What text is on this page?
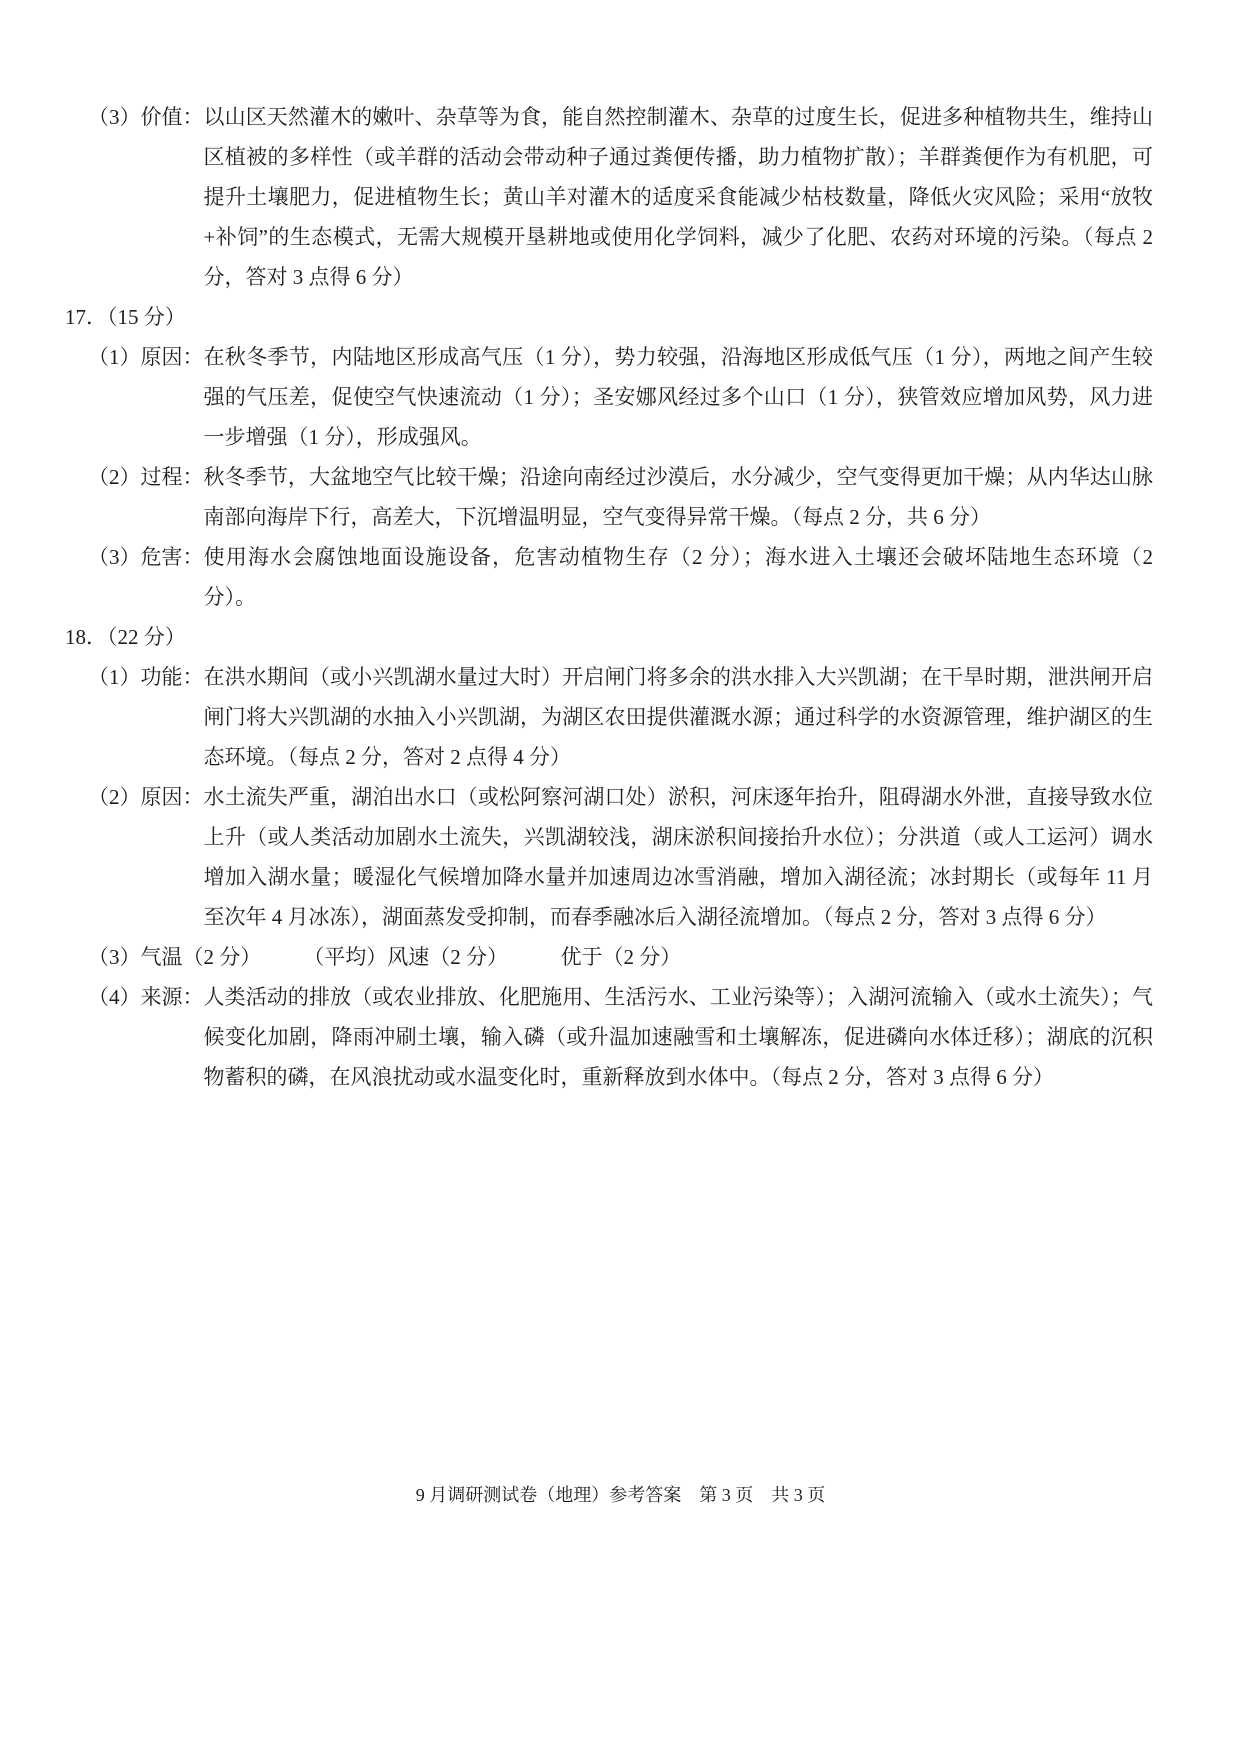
（3）价值： 以山区天然灌木的嫩叶、杂草等为食，能自然控制灌木、杂草的过度生长，促进多种植物共生，维持山区植被的多样性（或羊群的活动会带动种子通过粪便传播，助力植物扩散）；羊群粪便作为有机肥，可提升土壤肥力，促进植物生长；黄山羊对灌木的适度采食能减少枯枝数量，降低火灾风险；采用“放牧+补饲”的生态模式，无需大规模开垦耕地或使用化学饲料，减少了化肥、农药对环境的污染。（每点 2 分，答对 3 点得 6 分）
17．（15 分）
（1）原因： 在秋冬季节，内陆地区形成高气压（1 分），势力较强，沿海地区形成低气压（1 分），两地之间产生较强的气压差，促使空气快速流动（1 分）；圣安娜风经过多个山口（1 分），狭管效应增加风势，风力进一步增强（1 分），形成强风。
（2）过程： 秋冬季节，大盆地空气比较干燥；沿途向南经过沙漠后，水分减少，空气变得更加干燥；从内华达山脉南部向海岸下行，高差大，下沉增温明显，空气变得异常干燥。（每点 2 分，共 6 分）
（3）危害： 使用海水会腐蚀地面设施设备，危害动植物生存（2 分）；海水进入土壤还会破坏陆地生态环境（2 分）。
18．（22 分）
（1）功能： 在洪水期间（或小兴凯湖水量过大时）开启闸门将多余的洪水排入大兴凯湖；在干旱时期，泄洪闸开启闸门将大兴凯湖的水抽入小兴凯湖，为湖区农田提供灌溉水源；通过科学的水资源管理，维护湖区的生态环境。（每点 2 分，答对 2 点得 4 分）
（2）原因： 水土流失严重，湖泊出水口（或松阿察河湖口处）淤积，河床逐年抬升，阻碍湖水外泄，直接导致水位上升（或人类活动加剧水土流失，兴凯湖较浅，湖床淤积间接抬升水位）；分洪道（或人工运河）调水增加入湖水量；暖湿化气候增加降水量并加速周边冰雪消融，增加入湖径流；冰封期长（或每年 11 月至次年 4 月冰冻），湖面蒸发受抑制，而春季融冰后入湖径流增加。（每点 2 分，答对 3 点得 6 分）
（3） 气温（2 分）　　　（平均）风速（2 分）　　　优于（2 分）
（4）来源： 人类活动的排放（或农业排放、化肥施用、生活污水、工业污染等）；入湖河流输入（或水土流失）；气候变化加剧，降雨冲刷土壤，输入磷（或升温加速融雪和土壤解冻，促进磷向水体迁移）；湖底的沉积物蓄积的磷，在风浪扰动或水温变化时，重新释放到水体中。（每点 2 分，答对 3 点得 6 分）
9 月调研测试卷（地理）参考答案　第 3 页　共 3 页
